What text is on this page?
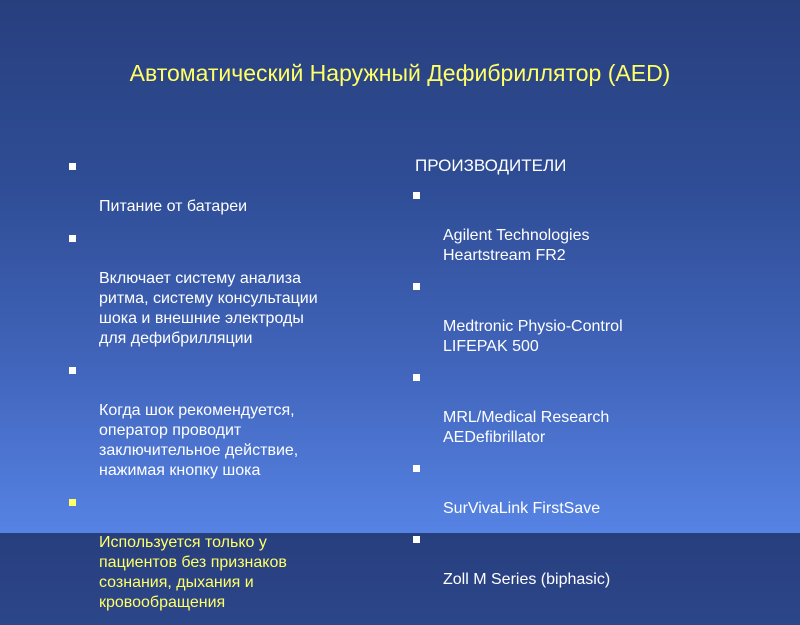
Автоматический Наружный Дефибриллятор (AED)

Питание от батареи

Включает систему анализа
ритма, систему консультации
шока и внешние электроды
для дефибрилляции

Когда шок рекомендуется,
оператор проводит
заключительное действие,
нажимая кнопку шока

Используется только у
пациентов без признаков
сознания, дыхания и
кровообращения

ПРОИЗВОДИТЕЛИ

Agilent Technologies
Heartstream FR2

Medtronic Physio-Control
LIFEPAK 500

MRL/Medical Research
AEDefibrillator

SurVivaLink FirstSave

Zoll M Series (biphasic)
